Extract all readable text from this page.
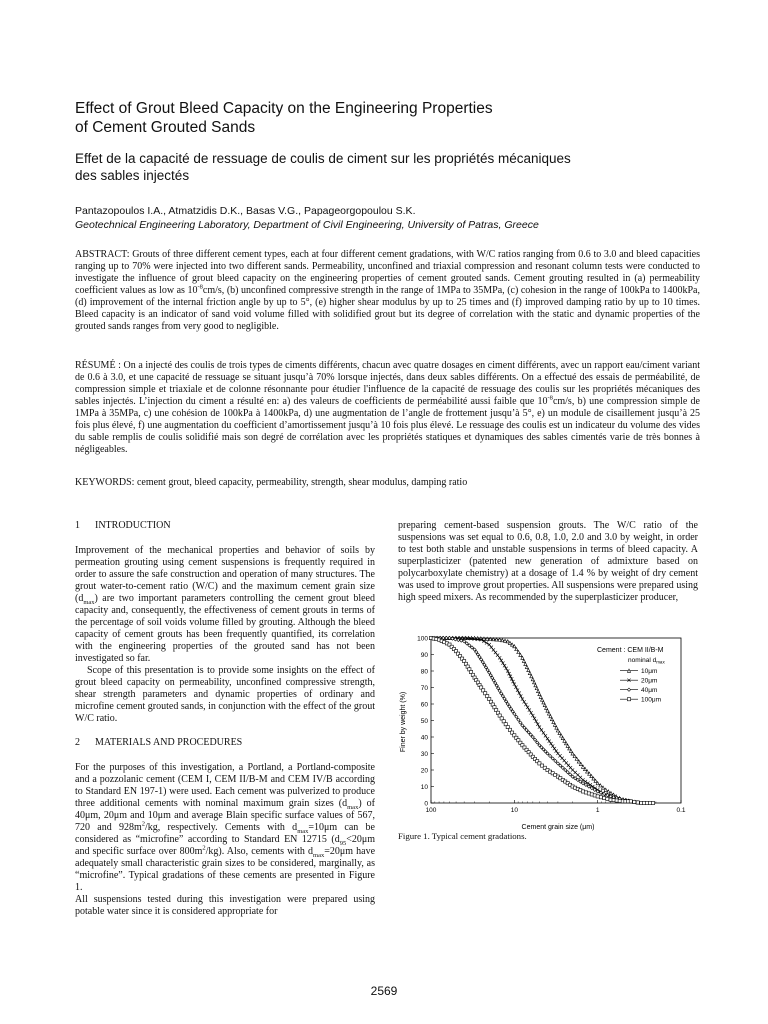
Effect of Grout Bleed Capacity on the Engineering Properties
of Cement Grouted Sands
Effet de la capacité de ressuage de coulis de ciment sur les propriétés mécaniques
des sables injectés
Pantazopoulos I.A., Atmatzidis D.K., Basas V.G., Papageorgopoulou S.K.
Geotechnical Engineering Laboratory, Department of Civil Engineering, University of Patras, Greece

ABSTRACT: Grouts of three different cement types, each at four different cement gradations, with W/C ratios ranging from 0.6 to 3.0 and bleed capacities ranging up to 70% were injected into two different sands. Permeability, unconfined and triaxial compression and resonant column tests were conducted to investigate the influence of grout bleed capacity on the engineering properties of cement grouted sands. Cement grouting resulted in (a) permeability coefficient values as low as $10^{-8}cm/s$, (b) unconfined compressive strength in the range of 1MPa to 35MPa, (c) cohesion in the range of 100kPa to 1400kPa, (d) improvement of the internal friction angle by up to 5°, (e) higher shear modulus by up to 25 times and (f) improved damping ratio by up to 10 times. Bleed capacity is an indicator of sand void volume filled with solidified grout but its degree of correlation with the static and dynamic properties of the grouted sands ranges from very good to negligible.

RÉSUMÉ : On a injecté des coulis de trois types de ciments différents, chacun avec quatre dosages en ciment différents, avec un rapport eau/ciment variant de 0.6 à 3.0, et une capacité de ressuage se situant jusqu’à 70% lorsque injectés, dans deux sables différents. On a effectué des essais de perméabilité, de compression simple et triaxiale et de colonne résonnante pour étudier l'influence de la capacité de ressuage des coulis sur les propriétés mécaniques des sables injectés. L’injection du ciment a résulté en: a) des valeurs de coefficients de perméabilité aussi faible que $10^{-8}cm/s$, b) une compression simple de 1MPa à 35MPa, c) une cohésion de 100kPa à 1400kPa, d) une augmentation de l’angle de frottement jusqu’à 5°, e) un module de cisaillement jusqu’à 25 fois plus élevé, f) une augmentation du coefficient d’amortissement jusqu’à 10 fois plus élevé. Le ressuage des coulis est un indicateur du volume des vides du sable remplis de coulis solidifié mais son degré de corrélation avec les propriétés statiques et dynamiques des sables cimentés varie de très bonnes à négligeables.

KEYWORDS: cement grout, bleed capacity, permeability, strength, shear modulus, damping ratio

1      INTRODUCTION

Improvement of the mechanical properties and behavior of soils by permeation grouting using cement suspensions is frequently required in order to assure the safe construction and operation of many structures. The grout water-to-cement ratio (W/C) and the maximum cement grain size $(d_{max})$ are two important parameters controlling the cement grout bleed capacity and, consequently, the effectiveness of cement grouts in terms of the percentage of soil voids volume filled by grouting. Although the bleed capacity of cement grouts has been frequently quantified, its correlation with the engineering properties of the grouted sand has not been investigated so far.

Scope of this presentation is to provide some insights on the effect of grout bleed capacity on permeability, unconfined compressive strength, shear strength parameters and dynamic properties of ordinary and microfine cement grouted sands, in conjunction with the effect of the grout W/C ratio.

2      MATERIALS AND PROCEDURES

For the purposes of this investigation, a Portland, a Portland-composite and a pozzolanic cement (CEM I, CEM II/B-M and CEM IV/B according to Standard EN 197-1) were used. Each cement was pulverized to produce three additional cements with nominal maximum grain sizes $(d_{max})$ of 40μm, 20μm and 10μm and average Blain specific surface values of 567, 720 and $928m^2/kg$, respectively. Cements with $d_{max}=10\mu m$ can be considered as “microfine” according to Standard EN 12715 ($d_{95}<20\mu m$ and specific surface over $800m^2/kg$). Also, cements with $d_{max}=20\mu m$ have adequately small characteristic grain sizes to be considered, marginally, as “microfine”. Typical gradations of these cements are presented in Figure 1.

All suspensions tested during this investigation were prepared using potable water since it is considered appropriate for

preparing cement-based suspension grouts. The W/C ratio of the suspensions was set equal to 0.6, 0.8, 1.0, 2.0 and 3.0 by weight, in order to test both stable and unstable suspensions in terms of bleed capacity. A superplasticizer (patented new generation of admixture based on polycarboxylate chemistry) at a dosage of 1.4 % by weight of dry cement was used to improve grout properties. All suspensions were prepared using high speed mixers. As recommended by the superplasticizer producer,

0
10
20
30
40
50
60
70
80
90
100
100	10	1	0.1
Finer by weight (%)
Cement grain size (μm)
Cement : CEM II/B-M
nominal $d_{max}$
10μm
20μm
40μm
100μm
Figure 1. Typical cement gradations.
2569
